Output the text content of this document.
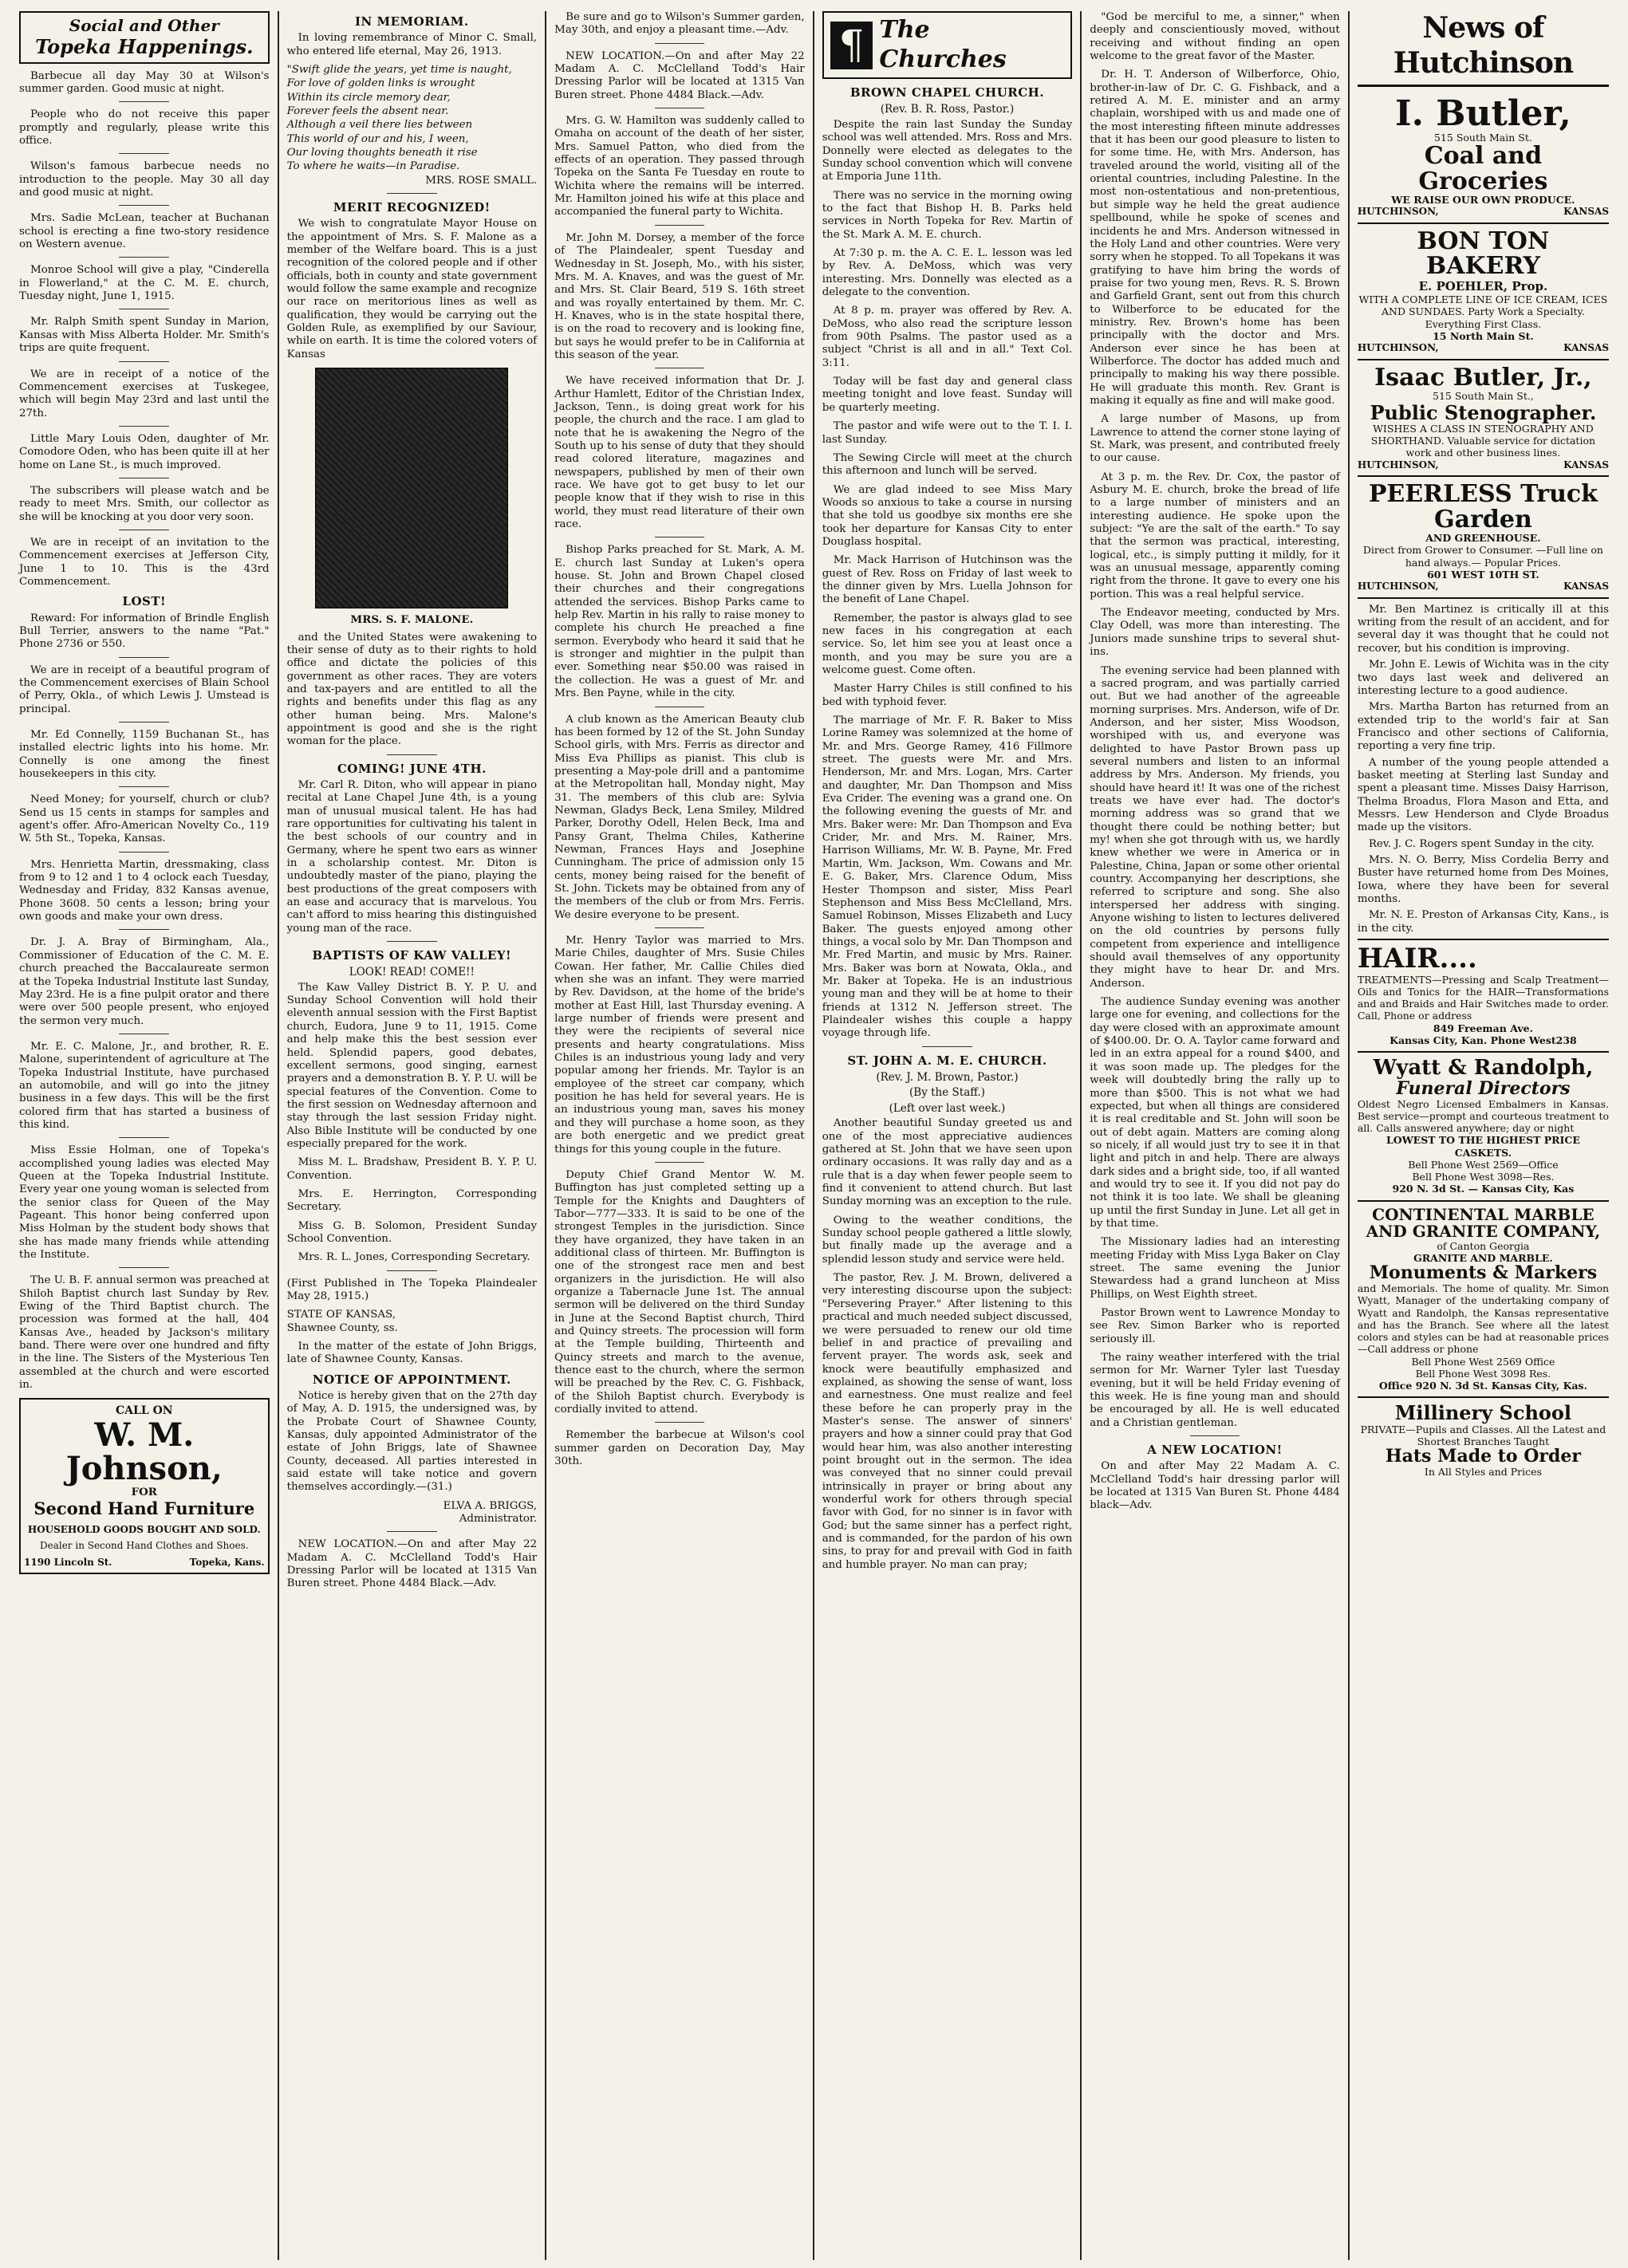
Social and Other
Topeka Happenings.

Barbecue all day May 30 at Wilson's summer garden. Good music at night.

People who do not receive this paper promptly and regularly, please write this office.

Wilson's famous barbecue needs no introduction to the people. May 30 all day and good music at night.

Mrs. Sadie McLean, teacher at Buchanan school is erecting a fine two-story residence on Western avenue.

Monroe School will give a play, "Cinderella in Flowerland," at the C. M. E. church, Tuesday night, June 1, 1915.

Mr. Ralph Smith spent Sunday in Marion, Kansas with Miss Alberta Holder. Mr. Smith's trips are quite frequent.

We are in receipt of a notice of the Commencement exercises at Tuskegee, which will begin May 23rd and last until the 27th.

Little Mary Louis Oden, daughter of Mr. Comodore Oden, who has been quite ill at her home on Lane St., is much improved.

The subscribers will please watch and be ready to meet Mrs. Smith, our collector as she will be knocking at you door very soon.

We are in receipt of an invitation to the Commencement exercises at Jefferson City, June 1 to 10. This is the 43rd Commencement.

LOST!

Reward: For information of Brindle English Bull Terrier, answers to the name "Pat." Phone 2736 or 550.

We are in receipt of a beautiful program of the Commencement exercises of Blain School of Perry, Okla., of which Lewis J. Umstead is principal.

Mr. Ed Connelly, 1159 Buchanan St., has installed electric lights into his home. Mr. Connelly is one among the finest housekeepers in this city.

Need Money; for yourself, church or club? Send us 15 cents in stamps for samples and agent's offer. Afro-American Novelty Co., 119 W. 5th St., Topeka, Kansas.

Mrs. Henrietta Martin, dressmaking, class from 9 to 12 and 1 to 4 oclock each Tuesday, Wednesday and Friday, 832 Kansas avenue, Phone 3608. 50 cents a lesson; bring your own goods and make your own dress.

Dr. J. A. Bray of Birmingham, Ala., Commissioner of Education of the C. M. E. church preached the Baccalaureate sermon at the Topeka Industrial Institute last Sunday, May 23rd. He is a fine pulpit orator and there were over 500 people present, who enjoyed the sermon very much.

Mr. E. C. Malone, Jr., and brother, R. E. Malone, superintendent of agriculture at The Topeka Industrial Institute, have purchased an automobile, and will go into the jitney business in a few days. This will be the first colored firm that has started a business of this kind.

Miss Essie Holman, one of Topeka's accomplished young ladies was elected May Queen at the Topeka Industrial Institute. Every year one young woman is selected from the senior class for Queen of the May Pageant. This honor being conferred upon Miss Holman by the student body shows that she has made many friends while attending the Institute.

The U. B. F. annual sermon was preached at Shiloh Baptist church last Sunday by Rev. Ewing of the Third Baptist church. The procession was formed at the hall, 404 Kansas Ave., headed by Jackson's military band. There were over one hundred and fifty in the line. The Sisters of the Mysterious Ten assembled at the church and were escorted in.

CALL ON
W. M. Johnson,
FOR
Second Hand Furniture
HOUSEHOLD GOODS BOUGHT AND SOLD.
Dealer in Second Hand Clothes and Shoes.
1190 Lincoln St.	Topeka, Kans.
IN MEMORIAM.

In loving remembrance of Minor C. Small, who entered life eternal, May 26, 1913.

"Swift glide the years, yet time is naught,

For love of golden links is wrought

Within its circle memory dear,

Forever feels the absent near.

Although a veil there lies between

This world of our and his, I ween,

Our loving thoughts beneath it rise

To where he waits—in Paradise.

MRS. ROSE SMALL.

MERIT RECOGNIZED!

We wish to congratulate Mayor House on the appointment of Mrs. S. F. Malone as a member of the Welfare board. This is a just recognition of the colored people and if other officials, both in county and state government would follow the same example and recognize our race on meritorious lines as well as qualification, they would be carrying out the Golden Rule, as exemplified by our Saviour, while on earth. It is time the colored voters of Kansas

MRS. S. F. MALONE.

and the United States were awakening to their sense of duty as to their rights to hold office and dictate the policies of this government as other races. They are voters and tax-payers and are entitled to all the rights and benefits under this flag as any other human being. Mrs. Malone's appointment is good and she is the right woman for the place.

COMING! JUNE 4TH.

Mr. Carl R. Diton, who will appear in piano recital at Lane Chapel June 4th, is a young man of unusual musical talent. He has had rare opportunities for cultivating his talent in the best schools of our country and in Germany, where he spent two ears as winner in a scholarship contest. Mr. Diton is undoubtedly master of the piano, playing the best productions of the great composers with an ease and accuracy that is marvelous. You can't afford to miss hearing this distinguished young man of the race.

BAPTISTS OF KAW VALLEY!
LOOK! READ! COME!!

The Kaw Valley District B. Y. P. U. and Sunday School Convention will hold their eleventh annual session with the First Baptist church, Eudora, June 9 to 11, 1915. Come and help make this the best session ever held. Splendid papers, good debates, excellent sermons, good singing, earnest prayers and a demonstration B. Y. P. U. will be special features of the Convention. Come to the first session on Wednesday afternoon and stay through the last session Friday night. Also Bible Institute will be conducted by one especially prepared for the work.

Miss M. L. Bradshaw, President B. Y. P. U. Convention.

Mrs. E. Herrington, Corresponding Secretary.

Miss G. B. Solomon, President Sunday School Convention.

Mrs. R. L. Jones, Corresponding Secretary.

(First Published in The Topeka Plaindealer May 28, 1915.)

STATE OF KANSAS,

Shawnee County, ss.

In the matter of the estate of John Briggs, late of Shawnee County, Kansas.

NOTICE OF APPOINTMENT.

Notice is hereby given that on the 27th day of May, A. D. 1915, the undersigned was, by the Probate Court of Shawnee County, Kansas, duly appointed Administrator of the estate of John Briggs, late of Shawnee County, deceased. All parties interested in said estate will take notice and govern themselves accordingly.—(31.)

ELVA A. BRIGGS,

Administrator.

NEW LOCATION.—On and after May 22 Madam A. C. McClelland Todd's Hair Dressing Parlor will be located at 1315 Van Buren street. Phone 4484 Black.—Adv.

Be sure and go to Wilson's Summer garden, May 30th, and enjoy a pleasant time.—Adv.

NEW LOCATION.—On and after May 22 Madam A. C. McClelland Todd's Hair Dressing Parlor will be located at 1315 Van Buren street. Phone 4484 Black.—Adv.

Mrs. G. W. Hamilton was suddenly called to Omaha on account of the death of her sister, Mrs. Samuel Patton, who died from the effects of an operation. They passed through Topeka on the Santa Fe Tuesday en route to Wichita where the remains will be interred. Mr. Hamilton joined his wife at this place and accompanied the funeral party to Wichita.

Mr. John M. Dorsey, a member of the force of The Plaindealer, spent Tuesday and Wednesday in St. Joseph, Mo., with his sister, Mrs. M. A. Knaves, and was the guest of Mr. and Mrs. St. Clair Beard, 519 S. 16th street and was royally entertained by them. Mr. C. H. Knaves, who is in the state hospital there, is on the road to recovery and is looking fine, but says he would prefer to be in California at this season of the year.

We have received information that Dr. J. Arthur Hamlett, Editor of the Christian Index, Jackson, Tenn., is doing great work for his people, the church and the race. I am glad to note that he is awakening the Negro of the South up to his sense of duty that they should read colored literature, magazines and newspapers, published by men of their own race. We have got to get busy to let our people know that if they wish to rise in this world, they must read literature of their own race.

Bishop Parks preached for St. Mark, A. M. E. church last Sunday at Luken's opera house. St. John and Brown Chapel closed their churches and their congregations attended the services. Bishop Parks came to help Rev. Martin in his rally to raise money to complete his church He preached a fine sermon. Everybody who heard it said that he is stronger and mightier in the pulpit than ever. Something near $50.00 was raised in the collection. He was a guest of Mr. and Mrs. Ben Payne, while in the city.

A club known as the American Beauty club has been formed by 12 of the St. John Sunday School girls, with Mrs. Ferris as director and Miss Eva Phillips as pianist. This club is presenting a May-pole drill and a pantomime at the Metropolitan hall, Monday night, May 31. The members of this club are: Sylvia Newman, Gladys Beck, Lena Smiley, Mildred Parker, Dorothy Odell, Helen Beck, Ima and Pansy Grant, Thelma Chiles, Katherine Newman, Frances Hays and Josephine Cunningham. The price of admission only 15 cents, money being raised for the benefit of St. John. Tickets may be obtained from any of the members of the club or from Mrs. Ferris. We desire everyone to be present.

Mr. Henry Taylor was married to Mrs. Marie Chiles, daughter of Mrs. Susie Chiles Cowan. Her father, Mr. Callie Chiles died when she was an infant. They were married by Rev. Davidson, at the home of the bride's mother at East Hill, last Thursday evening. A large number of friends were present and they were the recipients of several nice presents and hearty congratulations. Miss Chiles is an industrious young lady and very popular among her friends. Mr. Taylor is an employee of the street car company, which position he has held for several years. He is an industrious young man, saves his money and they will purchase a home soon, as they are both energetic and we predict great things for this young couple in the future.

Deputy Chief Grand Mentor W. M. Buffington has just completed setting up a Temple for the Knights and Daughters of Tabor—777—333. It is said to be one of the strongest Temples in the jurisdiction. Since they have organized, they have taken in an additional class of thirteen. Mr. Buffington is one of the strongest race men and best organizers in the jurisdiction. He will also organize a Tabernacle June 1st. The annual sermon will be delivered on the third Sunday in June at the Second Baptist church, Third and Quincy streets. The procession will form at the Temple building, Thirteenth and Quincy streets and march to the avenue, thence east to the church, where the sermon will be preached by the Rev. C. G. Fishback, of the Shiloh Baptist church. Everybody is cordially invited to attend.

Remember the barbecue at Wilson's cool summer garden on Decoration Day, May 30th.

¶ The Churches
BROWN CHAPEL CHURCH.
(Rev. B. R. Ross, Pastor.)

Despite the rain last Sunday the Sunday school was well attended. Mrs. Ross and Mrs. Donnelly were elected as delegates to the Sunday school convention which will convene at Emporia June 11th.

There was no service in the morning owing to the fact that Bishop H. B. Parks held services in North Topeka for Rev. Martin of the St. Mark A. M. E. church.

At 7:30 p. m. the A. C. E. L. lesson was led by Rev. A. DeMoss, which was very interesting. Mrs. Donnelly was elected as a delegate to the convention.

At 8 p. m. prayer was offered by Rev. A. DeMoss, who also read the scripture lesson from 90th Psalms. The pastor used as a subject "Christ is all and in all." Text Col. 3:11.

Today will be fast day and general class meeting tonight and love feast. Sunday will be quarterly meeting.

The pastor and wife were out to the T. I. I. last Sunday.

The Sewing Circle will meet at the church this afternoon and lunch will be served.

We are glad indeed to see Miss Mary Woods so anxious to take a course in nursing that she told us goodbye six months ere she took her departure for Kansas City to enter Douglass hospital.

Mr. Mack Harrison of Hutchinson was the guest of Rev. Ross on Friday of last week to the dinner given by Mrs. Luella Johnson for the benefit of Lane Chapel.

Remember, the pastor is always glad to see new faces in his congregation at each service. So, let him see you at least once a month, and you may be sure you are a welcome guest. Come often.

Master Harry Chiles is still confined to his bed with typhoid fever.

The marriage of Mr. F. R. Baker to Miss Lorine Ramey was solemnized at the home of Mr. and Mrs. George Ramey, 416 Fillmore street. The guests were Mr. and Mrs. Henderson, Mr. and Mrs. Logan, Mrs. Carter and daughter, Mr. Dan Thompson and Miss Eva Crider. The evening was a grand one. On the following evening the guests of Mr. and Mrs. Baker were: Mr. Dan Thompson and Eva Crider, Mr. and Mrs. M. Rainer, Mrs. Harrison Williams, Mr. W. B. Payne, Mr. Fred Martin, Wm. Jackson, Wm. Cowans and Mr. E. G. Baker, Mrs. Clarence Odum, Miss Hester Thompson and sister, Miss Pearl Stephenson and Miss Bess McClelland, Mrs. Samuel Robinson, Misses Elizabeth and Lucy Baker. The guests enjoyed among other things, a vocal solo by Mr. Dan Thompson and Mr. Fred Martin, and music by Mrs. Rainer. Mrs. Baker was born at Nowata, Okla., and Mr. Baker at Topeka. He is an industrious young man and they will be at home to their friends at 1312 N. Jefferson street. The Plaindealer wishes this couple a happy voyage through life.

ST. JOHN A. M. E. CHURCH.
(Rev. J. M. Brown, Pastor.)
(By the Staff.)
(Left over last week.)

Another beautiful Sunday greeted us and one of the most appreciative audiences gathered at St. John that we have seen upon ordinary occasions. It was rally day and as a rule that is a day when fewer people seem to find it convenient to attend church. But last Sunday morning was an exception to the rule.

Owing to the weather conditions, the Sunday school people gathered a little slowly, but finally made up the average and a splendid lesson study and service were held.

The pastor, Rev. J. M. Brown, delivered a very interesting discourse upon the subject: "Persevering Prayer." After listening to this practical and much needed subject discussed, we were persuaded to renew our old time belief in and practice of prevailing and fervent prayer. The words ask, seek and knock were beautifully emphasized and explained, as showing the sense of want, loss and earnestness. One must realize and feel these before he can properly pray in the Master's sense. The answer of sinners' prayers and how a sinner could pray that God would hear him, was also another interesting point brought out in the sermon. The idea was conveyed that no sinner could prevail intrinsically in prayer or bring about any wonderful work for others through special favor with God, for no sinner is in favor with God; but the same sinner has a perfect right, and is commanded, for the pardon of his own sins, to pray for and prevail with God in faith and humble prayer. No man can pray;

"God be merciful to me, a sinner," when deeply and conscientiously moved, without receiving and without finding an open welcome to the great favor of the Master.

Dr. H. T. Anderson of Wilberforce, Ohio, brother-in-law of Dr. C. G. Fishback, and a retired A. M. E. minister and an army chaplain, worshiped with us and made one of the most interesting fifteen minute addresses that it has been our good pleasure to listen to for some time. He, with Mrs. Anderson, has traveled around the world, visiting all of the oriental countries, including Palestine. In the most non-ostentatious and non-pretentious, but simple way he held the great audience spellbound, while he spoke of scenes and incidents he and Mrs. Anderson witnessed in the Holy Land and other countries. Were very sorry when he stopped. To all Topekans it was gratifying to have him bring the words of praise for two young men, Revs. R. S. Brown and Garfield Grant, sent out from this church to Wilberforce to be educated for the ministry. Rev. Brown's home has been principally with the doctor and Mrs. Anderson ever since he has been at Wilberforce. The doctor has added much and principally to making his way there possible. He will graduate this month. Rev. Grant is making it equally as fine and will make good.

A large number of Masons, up from Lawrence to attend the corner stone laying of St. Mark, was present, and contributed freely to our cause.

At 3 p. m. the Rev. Dr. Cox, the pastor of Asbury M. E. church, broke the bread of life to a large number of ministers and an interesting audience. He spoke upon the subject: "Ye are the salt of the earth." To say that the sermon was practical, interesting, logical, etc., is simply putting it mildly, for it was an unusual message, apparently coming right from the throne. It gave to every one his portion. This was a real helpful service.

The Endeavor meeting, conducted by Mrs. Clay Odell, was more than interesting. The Juniors made sunshine trips to several shut-ins.

The evening service had been planned with a sacred program, and was partially carried out. But we had another of the agreeable morning surprises. Mrs. Anderson, wife of Dr. Anderson, and her sister, Miss Woodson, worshiped with us, and everyone was delighted to have Pastor Brown pass up several numbers and listen to an informal address by Mrs. Anderson. My friends, you should have heard it! It was one of the richest treats we have ever had. The doctor's morning address was so grand that we thought there could be nothing better; but my! when she got through with us, we hardly knew whether we were in America or in Palestine, China, Japan or some other oriental country. Accompanying her descriptions, she referred to scripture and song. She also interspersed her address with singing. Anyone wishing to listen to lectures delivered on the old countries by persons fully competent from experience and intelligence should avail themselves of any opportunity they might have to hear Dr. and Mrs. Anderson.

The audience Sunday evening was another large one for evening, and collections for the day were closed with an approximate amount of $400.00. Dr. O. A. Taylor came forward and led in an extra appeal for a round $400, and it was soon made up. The pledges for the week will doubtedly bring the rally up to more than $500. This is not what we had expected, but when all things are considered it is real creditable and St. John will soon be out of debt again. Matters are coming along so nicely, if all would just try to see it in that light and pitch in and help. There are always dark sides and a bright side, too, if all wanted and would try to see it. If you did not pay do not think it is too late. We shall be gleaning up until the first Sunday in June. Let all get in by that time.

The Missionary ladies had an interesting meeting Friday with Miss Lyga Baker on Clay street. The same evening the Junior Stewardess had a grand luncheon at Miss Phillips, on West Eighth street.

Pastor Brown went to Lawrence Monday to see Rev. Simon Barker who is reported seriously ill.

The rainy weather interfered with the trial sermon for Mr. Warner Tyler last Tuesday evening, but it will be held Friday evening of this week. He is fine young man and should be encouraged by all. He is well educated and a Christian gentleman.

A NEW LOCATION!

On and after May 22 Madam A. C. McClelland Todd's hair dressing parlor will be located at 1315 Van Buren St. Phone 4484 black—Adv.

News of Hutchinson
I. Butler,
515 South Main St.
Coal and Groceries
WE RAISE OUR OWN PRODUCE.
HUTCHINSON,	KANSAS
BON TON BAKERY
E. POEHLER, Prop.
WITH A COMPLETE LINE OF ICE CREAM, ICES AND SUNDAES. Party Work a Specialty. Everything First Class.
15 North Main St.
HUTCHINSON,	KANSAS
Isaac Butler, Jr.,
515 South Main St.,
Public Stenographer.
WISHES A CLASS IN STENOGRAPHY AND SHORTHAND. Valuable service for dictation work and other business lines.
HUTCHINSON,	KANSAS
PEERLESS Truck Garden
AND GREENHOUSE.
Direct from Grower to Consumer. —Full line on hand always.— Popular Prices.
601 WEST 10TH ST.
HUTCHINSON,	KANSAS

Mr. Ben Martinez is critically ill at this writing from the result of an accident, and for several day it was thought that he could not recover, but his condition is improving.

Mr. John E. Lewis of Wichita was in the city two days last week and delivered an interesting lecture to a good audience.

Mrs. Martha Barton has returned from an extended trip to the world's fair at San Francisco and other sections of California, reporting a very fine trip.

A number of the young people attended a basket meeting at Sterling last Sunday and spent a pleasant time. Misses Daisy Harrison, Thelma Broadus, Flora Mason and Etta, and Messrs. Lew Henderson and Clyde Broadus made up the visitors.

Rev. J. C. Rogers spent Sunday in the city.

Mrs. N. O. Berry, Miss Cordelia Berry and Buster have returned home from Des Moines, Iowa, where they have been for several months.

Mr. N. E. Preston of Arkansas City, Kans., is in the city.

HAIR....
TREATMENTS—Pressing and Scalp Treatment—Oils and Tonics for the HAIR—Transformations and and Braids and Hair Switches made to order. Call, Phone or address
849 Freeman Ave.
Kansas City, Kan. Phone West238
Wyatt & Randolph,
Funeral Directors
Oldest Negro Licensed Embalmers in Kansas. Best service—prompt and courteous treatment to all. Calls answered anywhere; day or night
LOWEST TO THE HIGHEST PRICE CASKETS.
Bell Phone West 2569—Office
Bell Phone West 3098—Res.
920 N. 3d St. — Kansas City, Kas
CONTINENTAL MARBLE AND GRANITE COMPANY,
of Canton Georgia
GRANITE AND MARBLE.
Monuments & Markers
and Memorials. The home of quality. Mr. Simon Wyatt, Manager of the undertaking company of Wyatt and Randolph, the Kansas representative and has the Branch. See where all the latest colors and styles can be had at reasonable prices—Call address or phone
Bell Phone West 2569 Office
Bell Phone West 3098 Res.
Office 920 N. 3d St. Kansas City, Kas.
Millinery School
PRIVATE—Pupils and Classes. All the Latest and Shortest Branches Taught
Hats Made to Order
In All Styles and Prices
